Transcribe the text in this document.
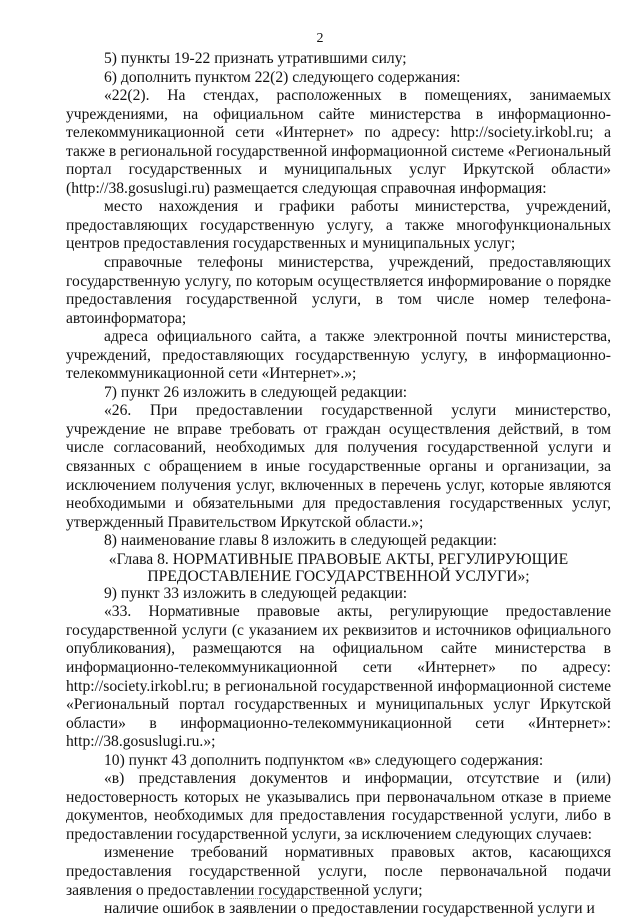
2

5) пункты 19-22 признать утратившими силу;

6) дополнить пунктом 22(2) следующего содержания:

«22(2). На стендах, расположенных в помещениях, занимаемых учреждениями, на официальном сайте министерства в информационно-телекоммуникационной сети «Интернет» по адресу: http://society.irkobl.ru; а также в региональной государственной информационной системе «Региональный портал государственных и муниципальных услуг Иркутской области» (http://38.gosuslugi.ru) размещается следующая справочная информация:

место нахождения и графики работы министерства, учреждений, предоставляющих государственную услугу, а также многофункциональных центров предоставления государственных и муниципальных услуг;

справочные телефоны министерства, учреждений, предоставляющих государственную услугу, по которым осуществляется информирование о порядке предоставления государственной услуги, в том числе номер телефона-автоинформатора;

адреса официального сайта, а также электронной почты министерства, учреждений, предоставляющих государственную услугу, в информационно-телекоммуникационной сети «Интернет».»;

7) пункт 26 изложить в следующей редакции:

«26. При предоставлении государственной услуги министерство, учреждение не вправе требовать от граждан осуществления действий, в том числе согласований, необходимых для получения государственной услуги и связанных с обращением в иные государственные органы и организации, за исключением получения услуг, включенных в перечень услуг, которые являются необходимыми и обязательными для предоставления государственных услуг, утвержденный Правительством Иркутской области.»;

8) наименование главы 8 изложить в следующей редакции:

«Глава 8. НОРМАТИВНЫЕ ПРАВОВЫЕ АКТЫ, РЕГУЛИРУЮЩИЕ

ПРЕДОСТАВЛЕНИЕ ГОСУДАРСТВЕННОЙ УСЛУГИ»;

9) пункт 33 изложить в следующей редакции:

«33. Нормативные правовые акты, регулирующие предоставление государственной услуги (с указанием их реквизитов и источников официального опубликования), размещаются на официальном сайте министерства в информационно-телекоммуникационной сети «Интернет» по адресу: http://society.irkobl.ru; в региональной государственной информационной системе «Региональный портал государственных и муниципальных услуг Иркутской области» в информационно-телекоммуникационной сети «Интернет»: http://38.gosuslugi.ru.»;

10) пункт 43 дополнить подпунктом «в» следующего содержания:

«в) представления документов и информации, отсутствие и (или) недостоверность которых не указывались при первоначальном отказе в приеме документов, необходимых для предоставления государственной услуги, либо в предоставлении государственной услуги, за исключением следующих случаев:

изменение требований нормативных правовых актов, касающихся предоставления государственной услуги, после первоначальной подачи заявления о предоставлении государственной услуги;

наличие ошибок в заявлении о предоставлении государственной услуги и
